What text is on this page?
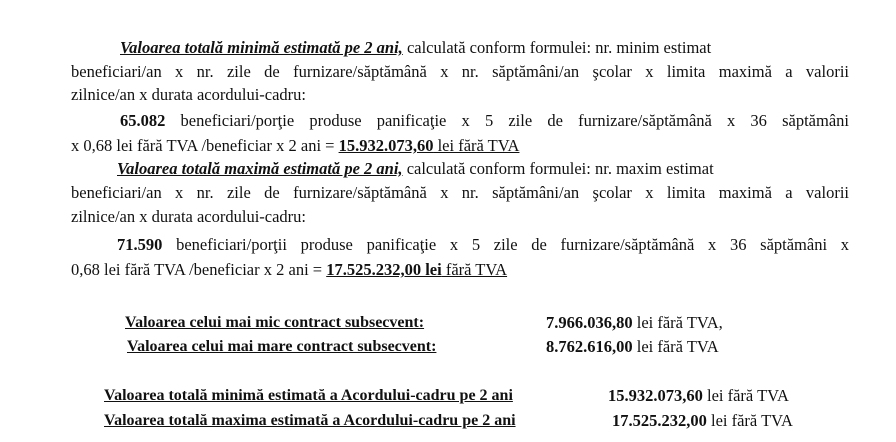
Valoarea totală minimă estimată pe 2 ani, calculată conform formulei: nr. minim estimat
beneficiari/an x nr. zile de furnizare/săptămână x nr. săptămâni/an şcolar x limita maximă a valorii
zilnice/an x durata acordului-cadru:
65.082 beneficiari/porţie produse panificaţie x 5 zile de furnizare/săptămână x 36 săptămâni
x 0,68 lei fără TVA /beneficiar x 2 ani = 15.932.073,60 lei fără TVA
Valoarea totală maximă estimată pe 2 ani, calculată conform formulei: nr. maxim estimat
beneficiari/an x nr. zile de furnizare/săptămână x nr. săptămâni/an şcolar x limita maximă a valorii
zilnice/an x durata acordului-cadru:
71.590 beneficiari/porţii produse panificaţie x 5 zile de furnizare/săptămână x 36 săptămâni x
0,68 lei fără TVA /beneficiar x 2 ani = 17.525.232,00 lei fără TVA
Valoarea celui mai mic contract subsecvent:	7.966.036,80 lei fără TVA,
Valoarea celui mai mare contract subsecvent:	8.762.616,00 lei fără TVA
Valoarea totală minimă estimată a Acordului-cadru pe 2 ani	15.932.073,60 lei fără TVA
Valoarea totală maxima estimată a Acordului-cadru pe 2 ani	17.525.232,00 lei fără TVA
